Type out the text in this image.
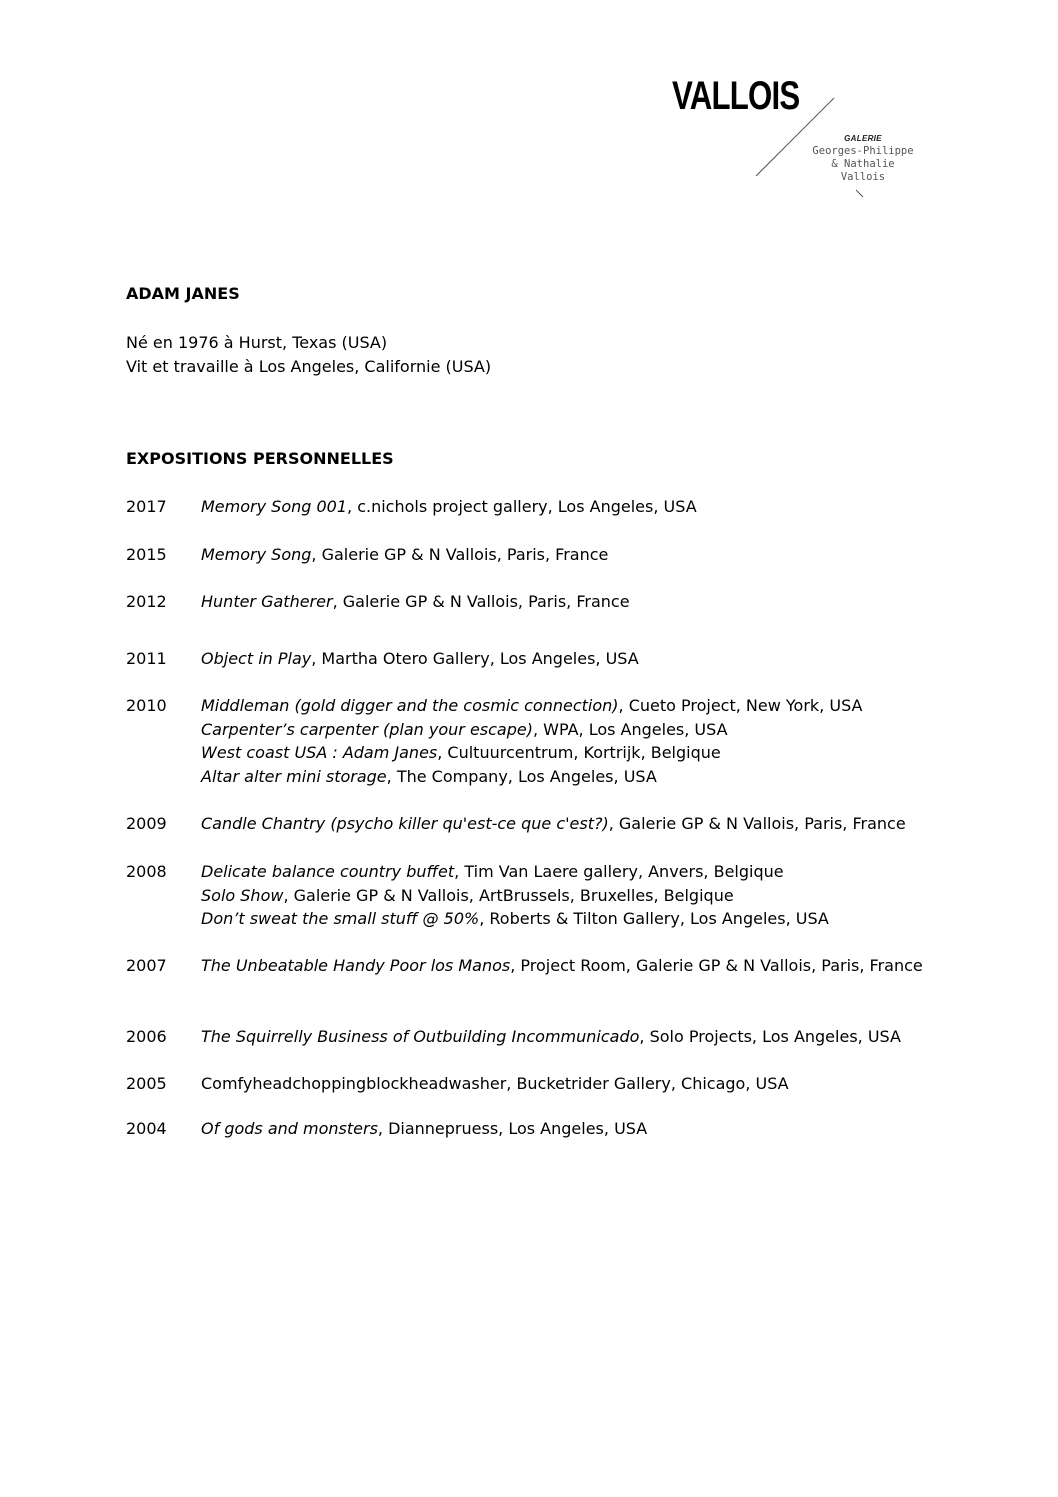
VALLOIS
GALERIE
Georges-Philippe
& Nathalie
Vallois
ADAM JANES
Né en 1976 à Hurst, Texas (USA)
Vit et travaille à Los Angeles, Californie (USA)
EXPOSITIONS PERSONNELLES
2017	Memory Song 001, c.nichols project gallery, Los Angeles, USA
2015	Memory Song, Galerie GP & N Vallois, Paris, France
2012	Hunter Gatherer, Galerie GP & N Vallois, Paris, France
2011	Object in Play, Martha Otero Gallery, Los Angeles, USA
2010	Middleman (gold digger and the cosmic connection), Cueto Project, New York, USA
Carpenter’s carpenter (plan your escape), WPA, Los Angeles, USA
West coast USA : Adam Janes, Cultuurcentrum, Kortrijk, Belgique
Altar alter mini storage, The Company, Los Angeles, USA
2009	Candle Chantry (psycho killer qu'est-ce que c'est?), Galerie GP & N Vallois, Paris, France
2008	Delicate balance country buffet, Tim Van Laere gallery, Anvers, Belgique
Solo Show, Galerie GP & N Vallois, ArtBrussels, Bruxelles, Belgique
Don’t sweat the small stuff @ 50%, Roberts & Tilton Gallery, Los Angeles, USA
2007	The Unbeatable Handy Poor los Manos, Project Room, Galerie GP & N Vallois, Paris, France
2006	The Squirrelly Business of Outbuilding Incommunicado, Solo Projects, Los Angeles, USA
2005	Comfyheadchoppingblockheadwasher, Bucketrider Gallery, Chicago, USA
2004	Of gods and monsters, Diannepruess, Los Angeles, USA
